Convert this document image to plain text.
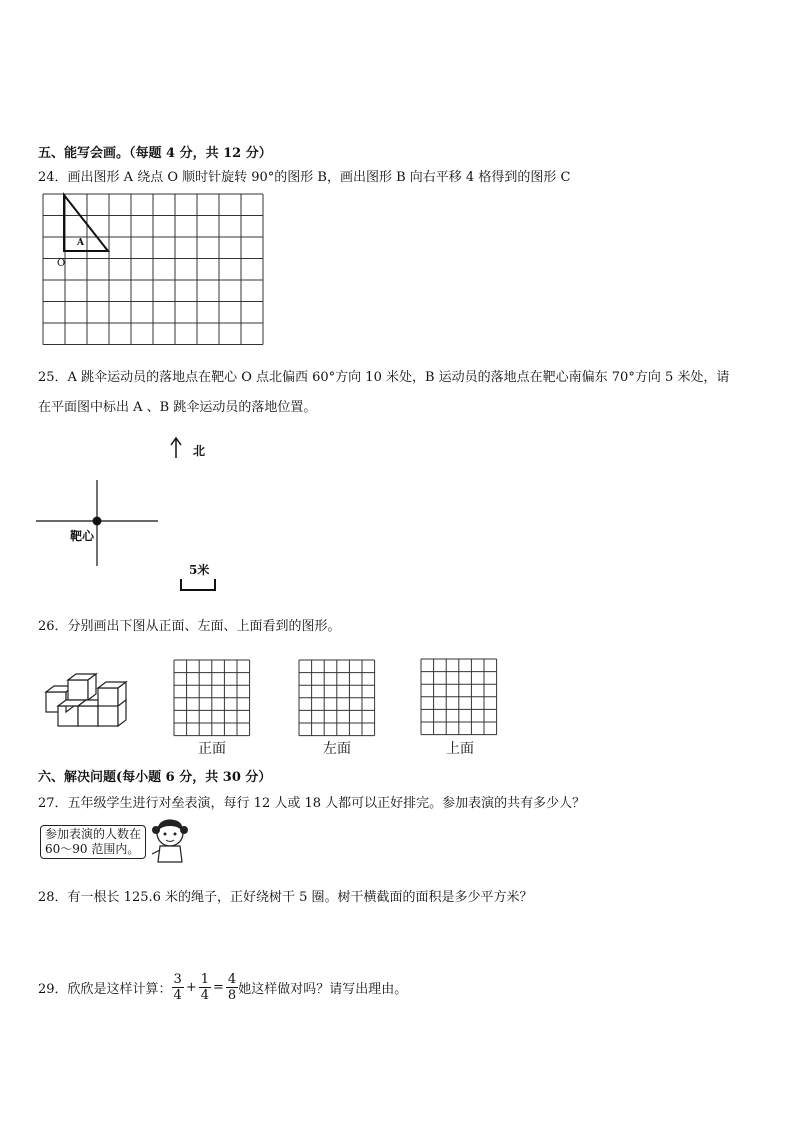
五、能写会画。（每题 4 分，共 12 分）
24．画出图形 A 绕点 O 顺时针旋转 90°的图形 B，画出图形 B 向右平移 4 格得到的图形 C
A
O
25．A 跳伞运动员的落地点在靶心 O 点北偏西 60°方向 10 米处，B 运动员的落地点在靶心南偏东 70°方向 5 米处，请
在平面图中标出 A 、B 跳伞运动员的落地位置。
北
靶心
5米
26．分别画出下图从正面、左面、上面看到的图形。
正面	左面	上面
六、解决问题(每小题 6 分，共 30 分）
27．五年级学生进行对垒表演，每行 12 人或 18 人都可以正好排完。参加表演的共有多少人？
参加表演的人数在
60～90 范围内。
28．有一根长 125.6 米的绳子，正好绕树干 5 圈。树干横截面的面积是多少平方米？
29．欣欣是这样计算： $\frac{3}{4} + \frac{1}{4} = \frac{4}{8}$ 她这样做对吗？请写出理由。
